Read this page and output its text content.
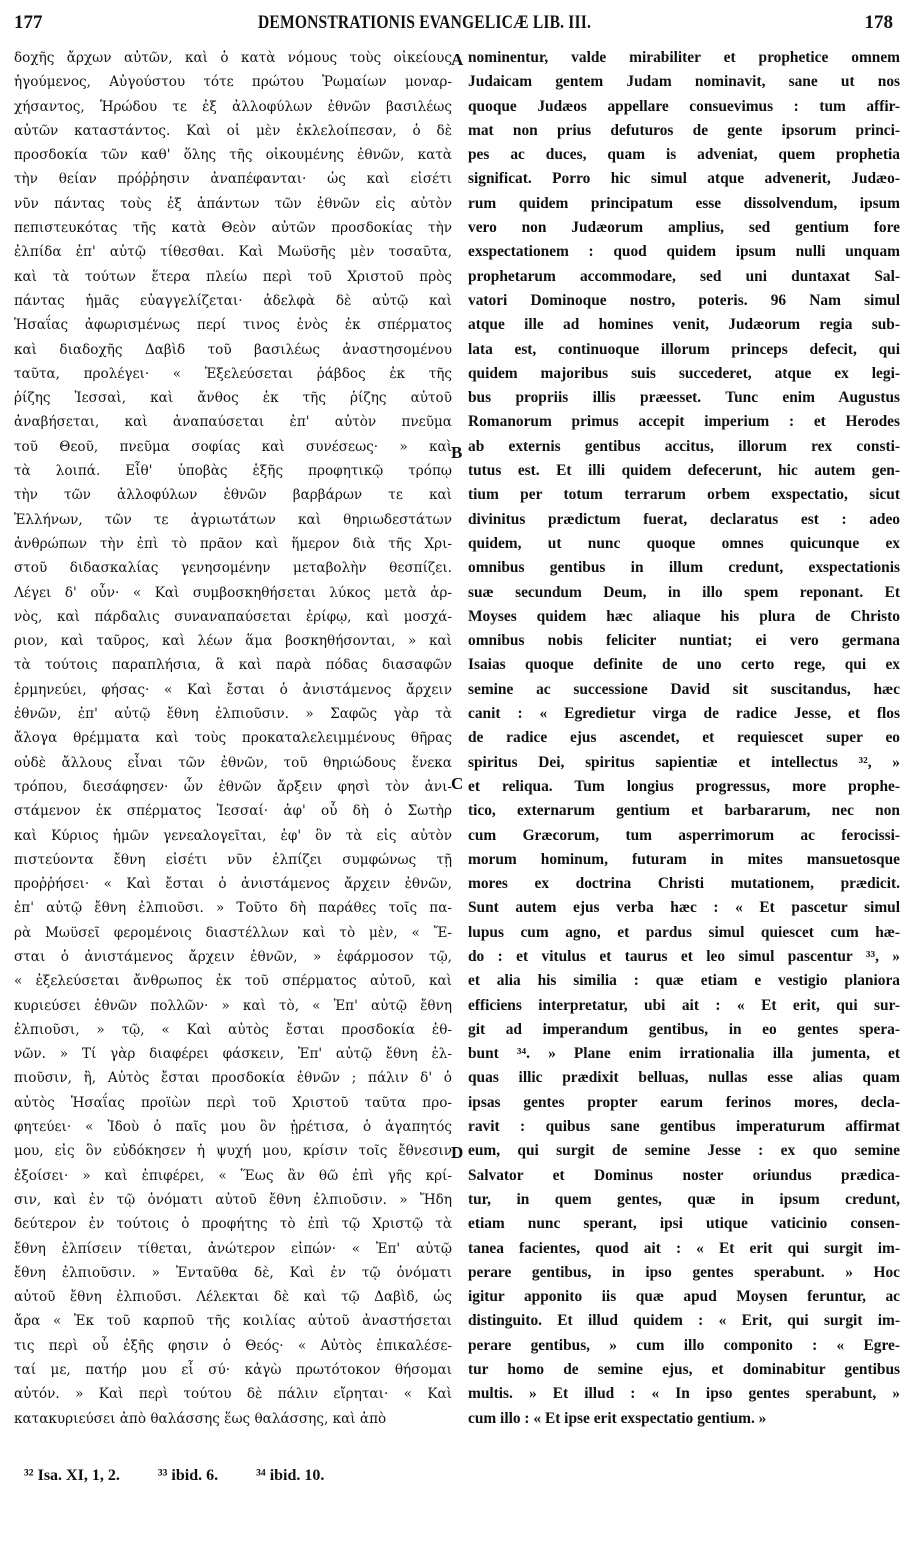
177	DEMONSTRATIONIS EVANGELICÆ LIB. III.	178
δοχῆς ἄρχων αὐτῶν, καὶ ὁ κατὰ νόμους τοὺς οἰκείους
ἡγούμενος, Αὐγούστου τότε πρώτου Ῥωμαίων μοναρ-
χήσαντος, Ἡρώδου τε ἐξ ἀλλοφύλων ἐθνῶν βασιλέως
αὐτῶν καταστάντος. Καὶ οἱ μὲν ἐκλελοίπεσαν, ὁ δὲ
προσδοκία τῶν καθ' ὅλης τῆς οἰκουμένης ἐθνῶν, κατὰ
τὴν θείαν πρόῤῥησιν ἀναπέφανται· ὡς καὶ εἰσέτι
νῦν πάντας τοὺς ἐξ ἁπάντων τῶν ἐθνῶν εἰς αὐτὸν
πεπιστευκότας τῆς κατὰ Θεὸν αὐτῶν προσδοκίας τὴν
ἐλπίδα ἐπ' αὐτῷ τίθεσθαι. Καὶ Μωϋσῆς μὲν τοσαῦτα,
καὶ τὰ τούτων ἕτερα πλείω περὶ τοῦ Χριστοῦ πρὸς
πάντας ἡμᾶς εὐαγγελίζεται· ἀδελφὰ δὲ αὐτῷ καὶ
Ἡσαΐας ἀφωρισμένως περί τινος ἑνὸς ἐκ σπέρματος
καὶ διαδοχῆς Δαβὶδ τοῦ βασιλέως ἀναστησομένου
ταῦτα, προλέγει· « Ἐξελεύσεται ῥάβδος ἐκ τῆς
ῥίζης Ἰεσσαὶ, καὶ ἄνθος ἐκ τῆς ῥίζης αὐτοῦ
ἀναβήσεται, καὶ ἀναπαύσεται ἐπ' αὐτὸν πνεῦμα
τοῦ Θεοῦ, πνεῦμα σοφίας καὶ συνέσεως· » καὶ
τὰ λοιπά. Εἶθ' ὑποβὰς ἑξῆς προφητικῷ τρόπῳ
τὴν τῶν ἀλλοφύλων ἐθνῶν βαρβάρων τε καὶ
Ἑλλήνων, τῶν τε ἀγριωτάτων καὶ θηριωδεστάτων
ἀνθρώπων τὴν ἐπὶ τὸ πρᾶον καὶ ἥμερον διὰ τῆς Χρι-
στοῦ διδασκαλίας γενησομένην μεταβολὴν θεσπίζει.
Λέγει δ' οὖν· « Καὶ συμβοσκηθήσεται λύκος μετὰ ἀρ-
νὸς, καὶ πάρδαλις συναναπαύσεται ἐρίφῳ, καὶ μοσχά-
ριον, καὶ ταῦρος, καὶ λέων ἅμα βοσκηθήσονται, » καὶ
τὰ τούτοις παραπλήσια, ἃ καὶ παρὰ πόδας διασαφῶν
ἑρμηνεύει, φήσας· « Καὶ ἔσται ὁ ἀνιστάμενος ἄρχειν
ἐθνῶν, ἐπ' αὐτῷ ἔθνη ἐλπιοῦσιν. » Σαφῶς γὰρ τὰ
ἄλογα θρέμματα καὶ τοὺς προκαταλελειμμένους θῆρας
οὐδὲ ἄλλους εἶναι τῶν ἐθνῶν, τοῦ θηριώδους ἕνεκα
τρόπου, διεσάφησεν· ὧν ἐθνῶν ἄρξειν φησὶ τὸν ἀνι-
στάμενον ἐκ σπέρματος Ἰεσσαί· ἀφ' οὗ δὴ ὁ Σωτὴρ
καὶ Κύριος ἡμῶν γενεαλογεῖται, ἐφ' ὃν τὰ εἰς αὐτὸν
πιστεύοντα ἔθνη εἰσέτι νῦν ἐλπίζει συμφώνως τῇ
προῤῥήσει· « Καὶ ἔσται ὁ ἀνιστάμενος ἄρχειν ἐθνῶν,
ἐπ' αὐτῷ ἔθνη ἐλπιοῦσι. » Τοῦτο δὴ παράθες τοῖς πα-
ρὰ Μωϋσεῖ φερομένοις διαστέλλων καὶ τὸ μὲν, « Ἔ-
σται ὁ ἀνιστάμενος ἄρχειν ἐθνῶν, » ἐφάρμοσον τῷ,
« ἐξελεύσεται ἄνθρωπος ἐκ τοῦ σπέρματος αὐτοῦ, καὶ
κυριεύσει ἐθνῶν πολλῶν· » καὶ τὸ, « Ἐπ' αὐτῷ ἔθνη
ἐλπιοῦσι, » τῷ, « Καὶ αὐτὸς ἔσται προσδοκία ἐθ-
νῶν. » Τί γὰρ διαφέρει φάσκειν, Ἐπ' αὐτῷ ἔθνη ἐλ-
πιοῦσιν, ἢ, Αὐτὸς ἔσται προσδοκία ἐθνῶν ; πάλιν δ' ὁ
αὐτὸς Ἡσαΐας προϊὼν περὶ τοῦ Χριστοῦ ταῦτα προ-
φητεύει· « Ἰδοὺ ὁ παῖς μου ὃν ᾑρέτισα, ὁ ἀγαπητός
μου, εἰς ὃν εὐδόκησεν ἡ ψυχή μου, κρίσιν τοῖς ἔθνεσιν
ἐξοίσει· » καὶ ἐπιφέρει, « Ἕως ἂν θῶ ἐπὶ γῆς κρί-
σιν, καὶ ἐν τῷ ὀνόματι αὐτοῦ ἔθνη ἐλπιοῦσιν. » Ἤδη
δεύτερον ἐν τούτοις ὁ προφήτης τὸ ἐπὶ τῷ Χριστῷ τὰ
ἔθνη ἐλπίσειν τίθεται, ἀνώτερον εἰπών· « Ἐπ' αὐτῷ
ἔθνη ἐλπιοῦσιν. » Ἐνταῦθα δὲ, Καὶ ἐν τῷ ὀνόματι
αὐτοῦ ἔθνη ἐλπιοῦσι. Λέλεκται δὲ καὶ τῷ Δαβὶδ, ὡς
ἄρα « Ἐκ τοῦ καρποῦ τῆς κοιλίας αὐτοῦ ἀναστήσεται
τις περὶ οὗ ἐξῆς φησιν ὁ Θεός· « Αὐτὸς ἐπικαλέσε-
ταί με, πατήρ μου εἶ σύ· κἀγὼ πρωτότοκον θήσομαι
αὐτόν. » Καὶ περὶ τούτου δὲ πάλιν εἴρηται· « Καὶ
κατακυριεύσει ἀπὸ θαλάσσης ἕως θαλάσσης, καὶ ἀπὸ
nominentur, valde mirabiliter et prophetice omnem
Judaicam gentem Judam nominavit, sane ut nos
quoque Judæos appellare consuevimus : tum affir-
mat non prius defuturos de gente ipsorum princi-
pes ac duces, quam is adveniat, quem prophetia
significat. Porro hic simul atque advenerit, Judæo-
rum quidem principatum esse dissolvendum, ipsum
vero non Judæorum amplius, sed gentium fore
exspectationem : quod quidem ipsum nulli unquam
prophetarum accommodare, sed uni duntaxat Sal-
vatori Dominoque nostro, poteris. 96 Nam simul
atque ille ad homines venit, Judæorum regia sub-
lata est, continuoque illorum princeps defecit, qui
quidem majoribus suis succederet, atque ex legi-
bus propriis illis præesset. Tunc enim Augustus
Romanorum primus accepit imperium : et Herodes
ab externis gentibus accitus, illorum rex consti-
tutus est. Et illi quidem defecerunt, hic autem gen-
tium per totum terrarum orbem exspectatio, sicut
divinitus prædictum fuerat, declaratus est : adeo
quidem, ut nunc quoque omnes quicunque ex
omnibus gentibus in illum credunt, exspectationis
suæ secundum Deum, in illo spem reponant. Et
Moyses quidem hæc aliaque his plura de Christo
omnibus nobis feliciter nuntiat; ei vero germana
Isaias quoque definite de uno certo rege, qui ex
semine ac successione David sit suscitandus, hæc
canit : « Egredietur virga de radice Jesse, et flos
de radice ejus ascendet, et requiescet super eo
spiritus Dei, spiritus sapientiæ et intellectus ³², »
et reliqua. Tum longius progressus, more prophe-
tico, externarum gentium et barbararum, nec non
cum Græcorum, tum asperrimorum ac ferocissi-
morum hominum, futuram in mites mansuetosque
mores ex doctrina Christi mutationem, prædicit.
Sunt autem ejus verba hæc : « Et pascetur simul
lupus cum agno, et pardus simul quiescet cum hæ-
do : et vitulus et taurus et leo simul pascentur ³³, »
et alia his similia : quæ etiam e vestigio planiora
efficiens interpretatur, ubi ait : « Et erit, qui sur-
git ad imperandum gentibus, in eo gentes spera-
bunt ³⁴. » Plane enim irrationalia illa jumenta, et
quas illic prædixit belluas, nullas esse alias quam
ipsas gentes propter earum ferinos mores, decla-
ravit : quibus sane gentibus imperaturum affirmat
eum, qui surgit de semine Jesse : ex quo semine
Salvator et Dominus noster oriundus prædica-
tur, in quem gentes, quæ in ipsum credunt,
etiam nunc sperant, ipsi utique vaticinio consen-
tanea facientes, quod ait : « Et erit qui surgit im-
perare gentibus, in ipso gentes sperabunt. » Hoc
igitur apponito iis quæ apud Moysen feruntur, ac
distinguito. Et illud quidem : « Erit, qui surgit im-
perare gentibus, » cum illo componito : « Egre-
tur homo de semine ejus, et dominabitur gentibus
multis. » Et illud : « In ipso gentes sperabunt, »
cum illo : « Et ipse erit exspectatio gentium. »
A
B
C
D
³² Isa. XI, 1, 2. ³³ ibid. 6. ³⁴ ibid. 10.
